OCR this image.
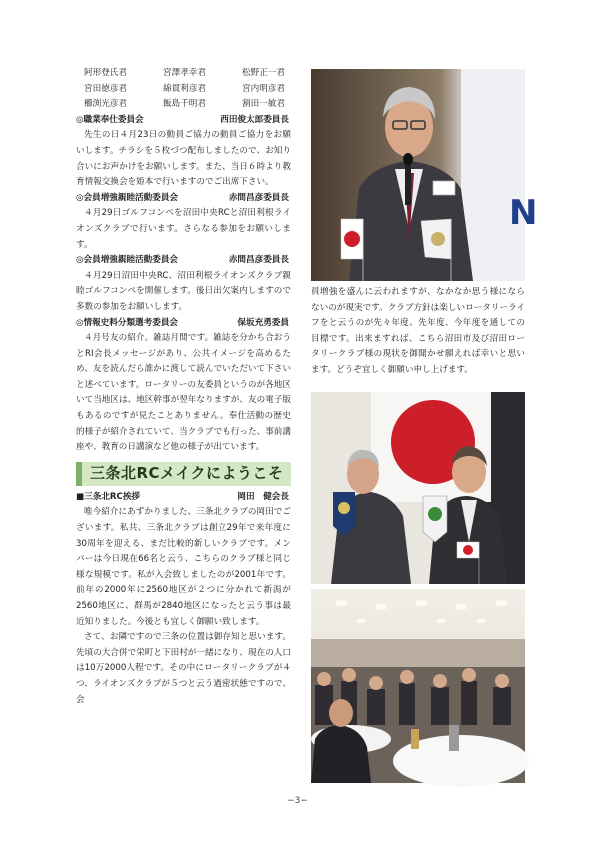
阿形登氏君	宮澤孝幸君	松野正一君
宮田徳彦君	綿貫利彦君	宮内明彦君
櫛渕光彦君	飯島千明君	割田一敏君
◎職業奉仕委員会	西田俊太郎委員長
先生の日４月23日の動員ご協力の動員ご協力をお願いします。チラシを５枚づつ配布しましたので、お知り合いにお声かけをお願いします。また、当日６時より教育情報交換会を姫本で行いますのでご出席下さい。
◎会員増強親睦活動委員会	赤間昌彦委員長
４月29日ゴルフコンペを沼田中央RCと沼田利根ライオンズクラブで行います。さらなる参加をお願いします。
◎会員増強親睦活動委員会	赤間昌彦委員長
４月29日沼田中央RC、沼田利根ライオンズクラブ親睦ゴルフコンペを開催します。後日出欠案内しますので多数の参加をお願いします。
◎情報史料分類選考委員会	保坂充勇委員
４月号友の紹介。雑誌月間です。雑誌を分かち合おうとRI会長メッセージがあり、公共イメージを高めるため、友を読んだら誰かに渡して読んでいただいて下さいと述べています。ロータリーの友委員というのが各地区いて当地区は、地区幹事が翌年なりますが、友の電子版もあるのですが見たことありません。奉仕活動の歴史的様子が紹介されていて、当クラブでも行った、事前講座や、教育の日講演など他の様子が出ています。
三条北RCメイクにようこそ
■三条北RC挨拶	岡田　健会長
唯今紹介にあずかりました、三条北クラブの岡田でございます。私共、三条北クラブは創立29年で来年度に30周年を迎える、まだ比較的新しいクラブです。メンバーは今日現在66名と云う、こちらのクラブ様と同じ様な規模です。私が入会致しましたのが2001年です。前年の2000年に2560地区が２つに分かれて新潟が2560地区に、群馬が2840地区になったと云う事は最近知りました。今後とも宜しく御願い致します。
さて、お隣ですので三条の位置は御存知と思います。先頃の大合併で栄町と下田村が一緒になり、現在の人口は10万2000人程です。その中にロータリークラブが４つ、ライオンズクラブが５つと云う過密状態ですので、会
N
員増強を盛んに云われますが、なかなか思う様にならないのが現実です。クラブ方針は楽しいロータリーライフをと云うのが先々年度、先年度、今年度を通しての目標です。出来ますれば、こちら沼田市及び沼田ロータリークラブ様の現状を御聞かせ願えれば幸いと思います。どうぞ宜しく御願い申し上げます。
−3−
